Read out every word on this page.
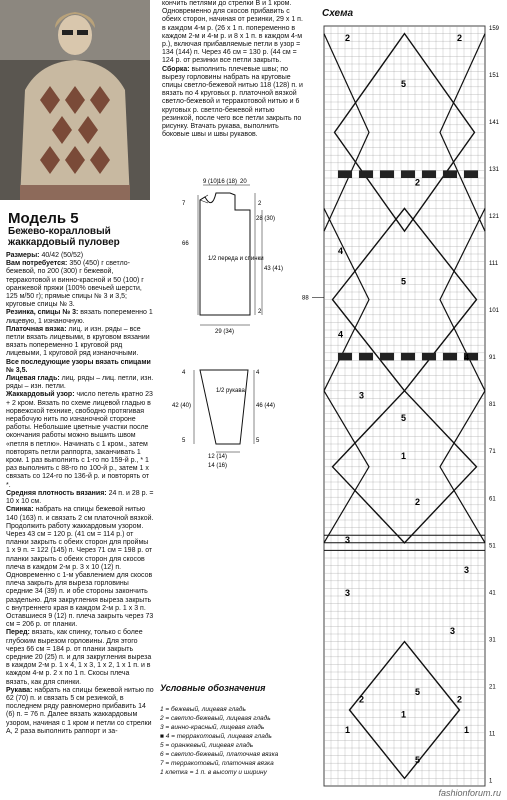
Модель 5
Бежево-коралловый жаккардовый пуловер
Размеры: 40/42 (50/52)
Вам потребуется: 350 (450) г светло-бежевой, по 200 (300) г бежевой, терракотовой и винно-красной и 50 (100) г оранжевой пряжи (100% овечьей шерсти, 125 м/50 г); прямые спицы № 3 и 3,5; круговые спицы № 3.
Резинка, спицы № 3: вязать попеременно 1 лицевую, 1 изнаночную.
Платочная вязка: лиц. и изн. ряды – все петли вязать лицевыми, в круговом вязании вязать попеременно 1 круговой ряд лицевыми, 1 круговой ряд изнаночными.
Все последующие узоры вязать спицами № 3,5.
Лицевая гладь: лиц. ряды – лиц. петли, изн. ряды – изн. петли.
Жаккардовый узор: число петель кратно 23 + 2 кром. Вязать по схеме лицевой гладью в норвежской технике, свободно протягивая нерабочую нить по изнаночной стороне работы. Небольшие цветные участки после окончания работы можно вышить швом «петля в петлю». Начинать с 1 кром., затем повторять петли раппорта, заканчивать 1 кром. 1 раз выполнить с 1-го по 159-й р., * 1 раз выполнить с 88-го по 100-й р., затем 1 х связать со 124-го по 136-й р. и повторять от *.
Средняя плотность вязания: 24 п. и 28 р. = 10 х 10 см.
Спинка: набрать на спицы бежевой нитью 140 (163) п. и связать 2 см платочной вязкой. Продолжить работу жаккардовым узором. Через 43 см = 120 р. (41 см = 114 р.) от планки закрыть с обеих сторон для проймы 1 х 9 п. = 122 (145) п. Через 71 см = 198 р. от планки закрыть с обеих сторон для скосов плеча в каждом 2-м р. 3 х 10 (12) п. Одновременно с 1-м убавлением для скосов плеча закрыть для выреза горловины средние 34 (39) п. и обе стороны закончить раздельно. Для закругления выреза закрыть с внутреннего края в каждом 2-м р. 1 х 3 п. Оставшиеся 9 (12) п. плеча закрыть через 73 см = 206 р. от планки.
Перед: вязать, как спинку, только с более глубоким вырезом горловины. Для этого через 66 см = 184 р. от планки закрыть средние 20 (25) п. и для закругления выреза в каждом 2-м р. 1 х 4, 1 х 3, 1 х 2, 1 х 1 п. и в каждом 4-м р. 2 х по 1 п. Скосы плеча вязать, как для спинки.
Рукава: набрать на спицы бежевой нитью по 62 (70) п. и связать 5 см резинкой, в последнем ряду равномерно прибавить 14 (6) п. = 76 п. Далее вязать жаккардовым узором, начиная с 1 кром и петли со стрелки А, 2 раза выполнить раппорт и за-
кончить петлями до стрелки В и 1 кром. Одновременно для скосов прибавить с обеих сторон, начиная от резинки, 29 х 1 п. в каждом 4-м р. (26 х 1 п. попеременно в каждом 2-м и 4-м р. и 8 х 1 п. в каждом 4-м р.), включая прибавляемые петли в узор = 134 (144) п. Через 46 см = 130 р. (44 см = 124 р. от резинки все петли закрыть.
Сборка: выполнить плечевые швы; по вырезу горловины набрать на круговые спицы светло-бежевой нитью 118 (128) п. и вязать по 4 круговых р. платочной вязкой светло-бежевой и терракотовой нитью и 6 круговых р. светло-бежевой нитью резинкой, после чего все петли закрыть по рисунку. Втачать рукава, выполнить боковые швы и швы рукавов.
9 (10) 16 (18) 20
7
66
2
28 (30)
43 (41)
2
1/2 переда и спинки
29 (34)
4
42 (40)	46 (44)
5
1/2 рукава
12 (14)
14 (16)
4
5
Условные обозначения
1 = бежевый, лицевая гладь
2 = светло-бежевый, лицевая гладь
3 = винно-красный, лицевая гладь
■ 4 = терракотовый, лицевая гладь
5 = оранжевый, лицевая гладь
6 = светло-бежевый, платочная вязка
7 = терракотовый, платочная вязка
1 клетка = 1 п. в высоту и ширину
Схема
2	2
5
2
4
5
4
4
3
5
1
2
3
3
3
3
2
5
2
1
1	1
5
159
151
141
131
121
111
101
91
81
71
61
51
41
31
21
11
1
88
fashionforum.ru
